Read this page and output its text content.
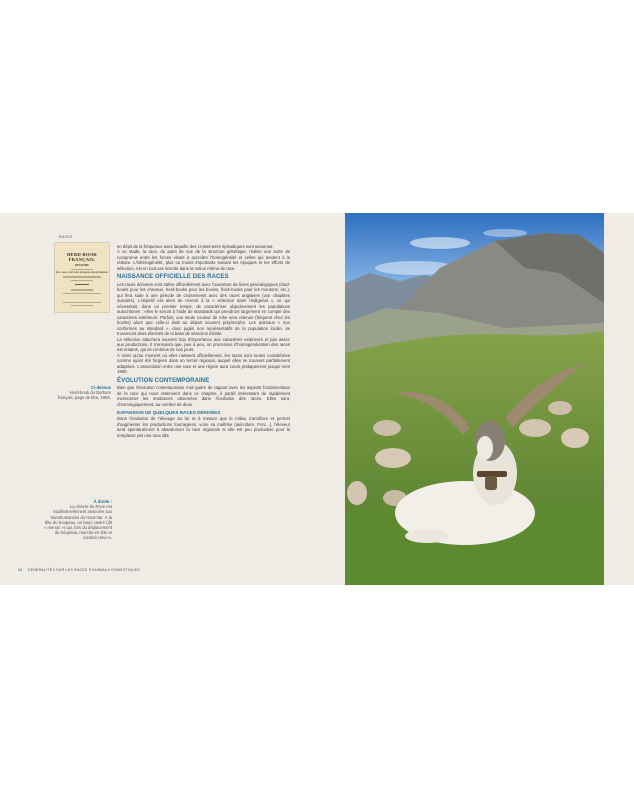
RACES
HERD BOOK FRANÇAIS.
REGISTRE
DE LA RACE BOVINE DURHAM-SHORT-HORNS.
Ci-dessus
Herd-book du Durham français, page de titre, 1855.
À droite :
La chèvre du Rove est traditionnellement associée aux transhumances du Haut-Var. À la tête du troupeau, un bouc castré (dit « menon ») qui, lors du déplacement du troupeau, marche en tête et conduit celui-ci.

en dépit de la fréquence avec laquelle des croisements épisodiques sont survenus.

À ce stade, la race, du point de vue de la structure génétique, réalise une sorte de compromis entre les forces visant à accroître l'homogénéité et celles qui tendent à la réduire. L'hétérogénéité, plus ou moins importante suivant les époques et les efforts de sélection, est en tout cas inscrite dans la notion même de race.

NAISSANCE OFFICIELLE DES RACES

Les races dérivées vont naître officiellement avec l'ouverture de livres généalogiques (stud-books pour les chevaux, herd-books pour les bovins, flock-books pour les moutons, etc.), qui fera suite à une période de croisements avec des races anglaises (voir chapitres suivants). L'objectif est alors de revenir à la « sélection dans l'indigénat », ce qui nécessitait, dans un premier temps, de caractériser objectivement les populations autochtones : elles le seront à l'aide de standards qui prendront largement en compte des caractères extérieurs. Parfois, une seule couleur de robe sera retenue (fréquent chez les bovins) alors que celle-ci était au départ souvent polymorphe. Les animaux « non conformes au standard », donc jugés non représentatifs de la population locale, se trouveront alors éliminés de la base de sélection initiale.

La sélection attachera souvent trop d'importance aux caractères extérieurs et pas assez aux productions. Il s'ensuivra que, peu à peu, un processus d'homogénéisation des races est entamé, qui se continue de nos jours.

À noter qu'au moment où elles naissent officiellement, les races sont toutes considérées comme ayant été forgées dans un terroir régional, auquel elles se trouvent parfaitement adaptées. L'association entre une race et une région aura cours pratiquement jusque vers 1960.

ÉVOLUTION CONTEMPORAINE

Bien que l'évolution contemporaine n'ait guère de rapport avec les aspects fondamentaux de la race qui nous retiennent dans ce chapitre, il paraît intéressant de rapidement mentionner les tendances observées dans l'évolution des races. Elles sont, chronologiquement, au nombre de deux.

EXPANSION DE QUELQUES RACES DÉRIVÉES

Dans l'évolution de l'élevage au fur et à mesure que le milieu s'améliore et permet d'augmenter les productions fourragères, voire sa maîtrise (aviculture, Porc...), l'éleveur tend spontanément à abandonner la race régionale si elle est peu productive pour la remplacer par une race dite

12 GÉNÉRALITÉS SUR LES RACES D'ANIMAUX DOMESTIQUES
